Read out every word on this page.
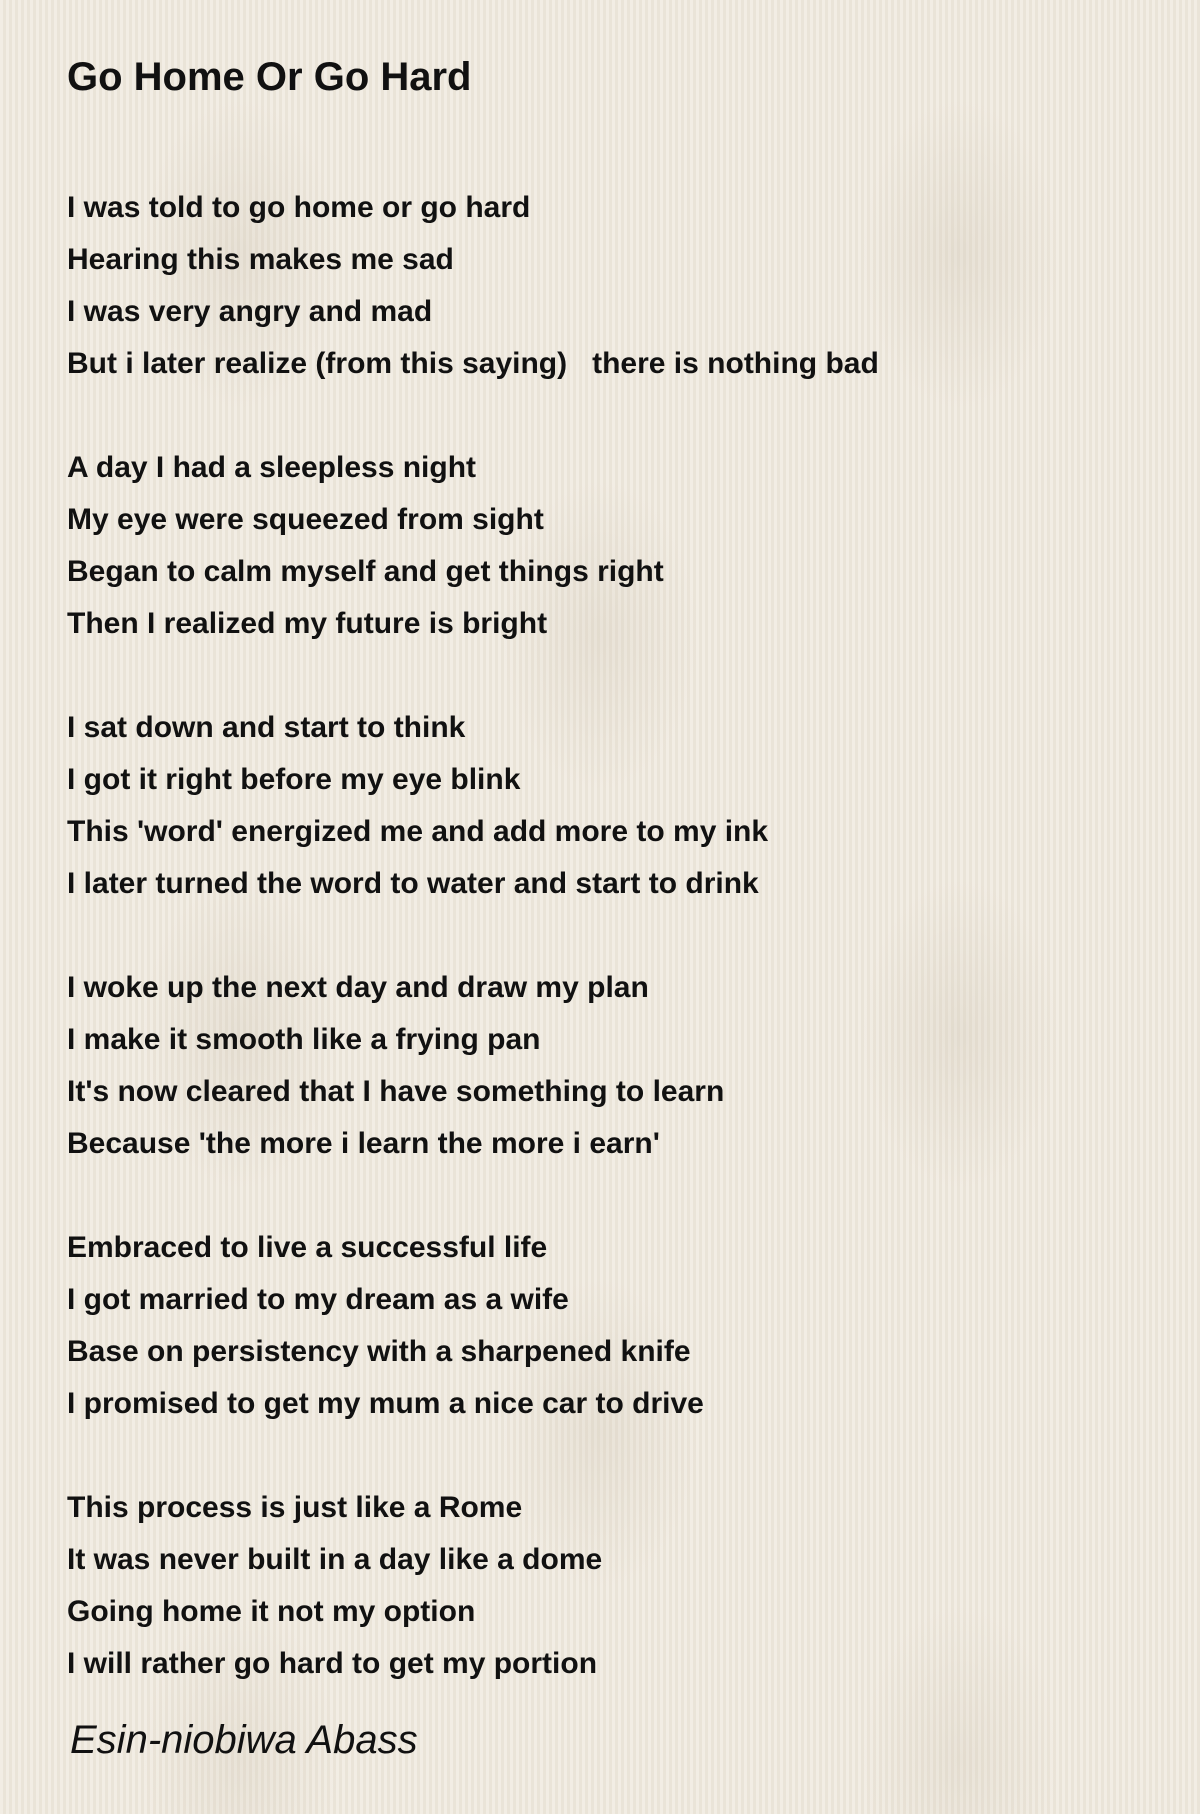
Go Home Or Go Hard
I was told to go home or go hard
Hearing this makes me sad
I was very angry and mad
But i later realize (from this saying)   there is nothing bad
A day I had a sleepless night
My eye were squeezed from sight
Began to calm myself and get things right
Then I realized my future is bright
I sat down and start to think
I got it right before my eye blink
This 'word' energized me and add more to my ink
I later turned the word to water and start to drink
I woke up the next day and draw my plan
I make it smooth like a frying pan
It's now cleared that I have something to learn
Because 'the more i learn the more i earn'
Embraced to live a successful life
I got married to my dream as a wife
Base on persistency with a sharpened knife
I promised to get my mum a nice car to drive
This process is just like a Rome
It was never built in a day like a dome
Going home it not my option
I will rather go hard to get my portion
Esin-niobiwa Abass
